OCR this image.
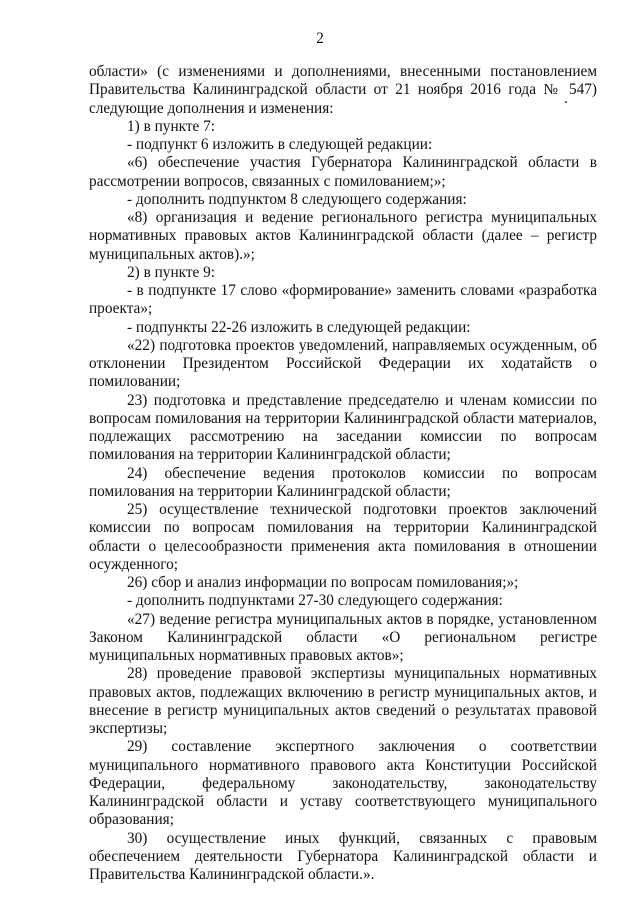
2

области» (с изменениями и дополнениями, внесенными постановлением Правительства Калининградской области от 21 ноября 2016 года № 547) следующие дополнения и изменения:

1) в пункте 7:

- подпункт 6 изложить в следующей редакции:

«6) обеспечение участия Губернатора Калининградской области в рассмотрении вопросов, связанных с помилованием;»;

- дополнить подпунктом 8 следующего содержания:

«8) организация и ведение регионального регистра муниципальных нормативных правовых актов Калининградской области (далее – регистр муниципальных актов).»;

2) в пункте 9:

- в подпункте 17 слово «формирование» заменить словами «разработка проекта»;

- подпункты 22-26 изложить в следующей редакции:

«22) подготовка проектов уведомлений, направляемых осужденным, об отклонении Президентом Российской Федерации их ходатайств о помиловании;

23) подготовка и представление председателю и членам комиссии по вопросам помилования на территории Калининградской области материалов, подлежащих рассмотрению на заседании комиссии по вопросам помилования на территории Калининградской области;

24) обеспечение ведения протоколов комиссии по вопросам помилования на территории Калининградской области;

25) осуществление технической подготовки проектов заключений комиссии по вопросам помилования на территории Калининградской области о целесообразности применения акта помилования в отношении осужденного;

26) сбор и анализ информации по вопросам помилования;»;

- дополнить подпунктами 27-30 следующего содержания:

«27) ведение регистра муниципальных актов в порядке, установленном Законом Калининградской области «О региональном регистре муниципальных нормативных правовых актов»;

28) проведение правовой экспертизы муниципальных нормативных правовых актов, подлежащих включению в регистр муниципальных актов, и внесение в регистр муниципальных актов сведений о результатах правовой экспертизы;

29) составление экспертного заключения о соответствии муниципального нормативного правового акта Конституции Российской Федерации, федеральному законодательству, законодательству Калининградской области и уставу соответствующего муниципального образования;

30) осуществление иных функций, связанных с правовым обеспечением деятельности Губернатора Калининградской области и Правительства Калининградской области.».
